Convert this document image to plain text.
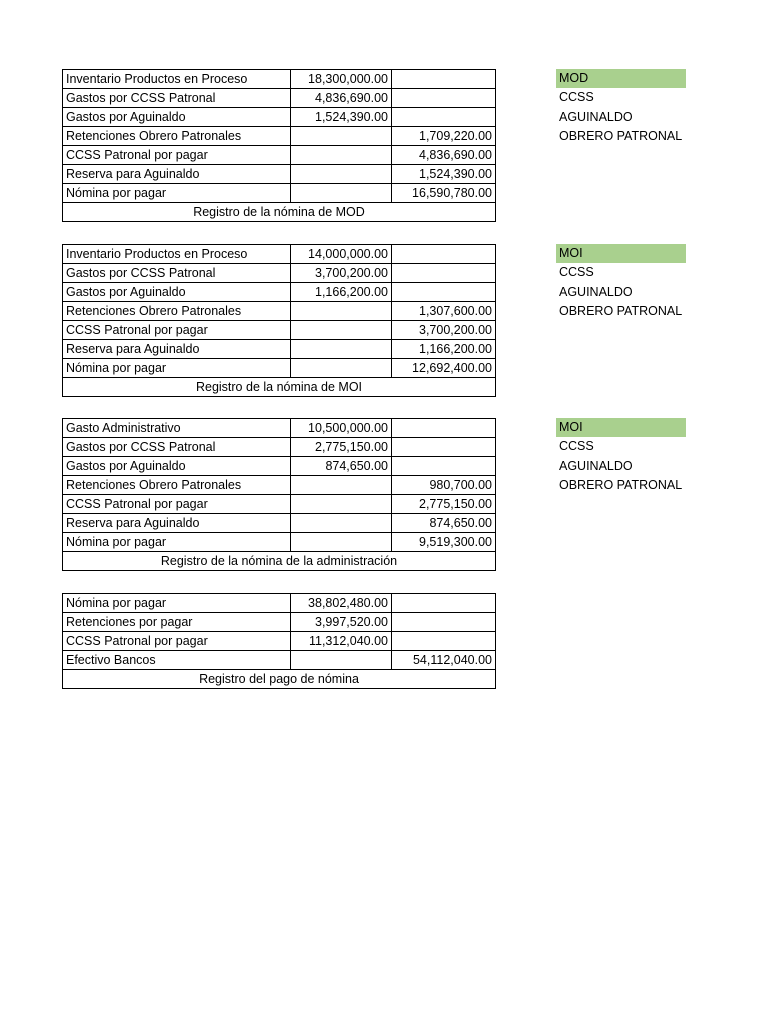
Inventario Productos en Proceso	18,300,000.00	
Gastos por CCSS Patronal	4,836,690.00	
Gastos por Aguinaldo	1,524,390.00	
Retenciones Obrero Patronales		1,709,220.00
CCSS Patronal por pagar		4,836,690.00
Reserva para Aguinaldo		1,524,390.00
Nómina por pagar		16,590,780.00
Registro de la nómina de MOD		
MOD
CCSS
AGUINALDO
OBRERO PATRONAL
Inventario Productos en Proceso	14,000,000.00	
Gastos por CCSS Patronal	3,700,200.00	
Gastos por Aguinaldo	1,166,200.00	
Retenciones Obrero Patronales		1,307,600.00
CCSS Patronal por pagar		3,700,200.00
Reserva para Aguinaldo		1,166,200.00
Nómina por pagar		12,692,400.00
Registro de la nómina de MOI		
MOI
CCSS
AGUINALDO
OBRERO PATRONAL
Gasto Administrativo	10,500,000.00	
Gastos por CCSS Patronal	2,775,150.00	
Gastos por Aguinaldo	874,650.00	
Retenciones Obrero Patronales		980,700.00
CCSS Patronal por pagar		2,775,150.00
Reserva para Aguinaldo		874,650.00
Nómina por pagar		9,519,300.00
Registro de la nómina de la administración		
MOI
CCSS
AGUINALDO
OBRERO PATRONAL
Nómina por pagar	38,802,480.00	
Retenciones por pagar	3,997,520.00	
CCSS Patronal por pagar	11,312,040.00	
Efectivo Bancos		54,112,040.00
Registro del pago de nómina		
